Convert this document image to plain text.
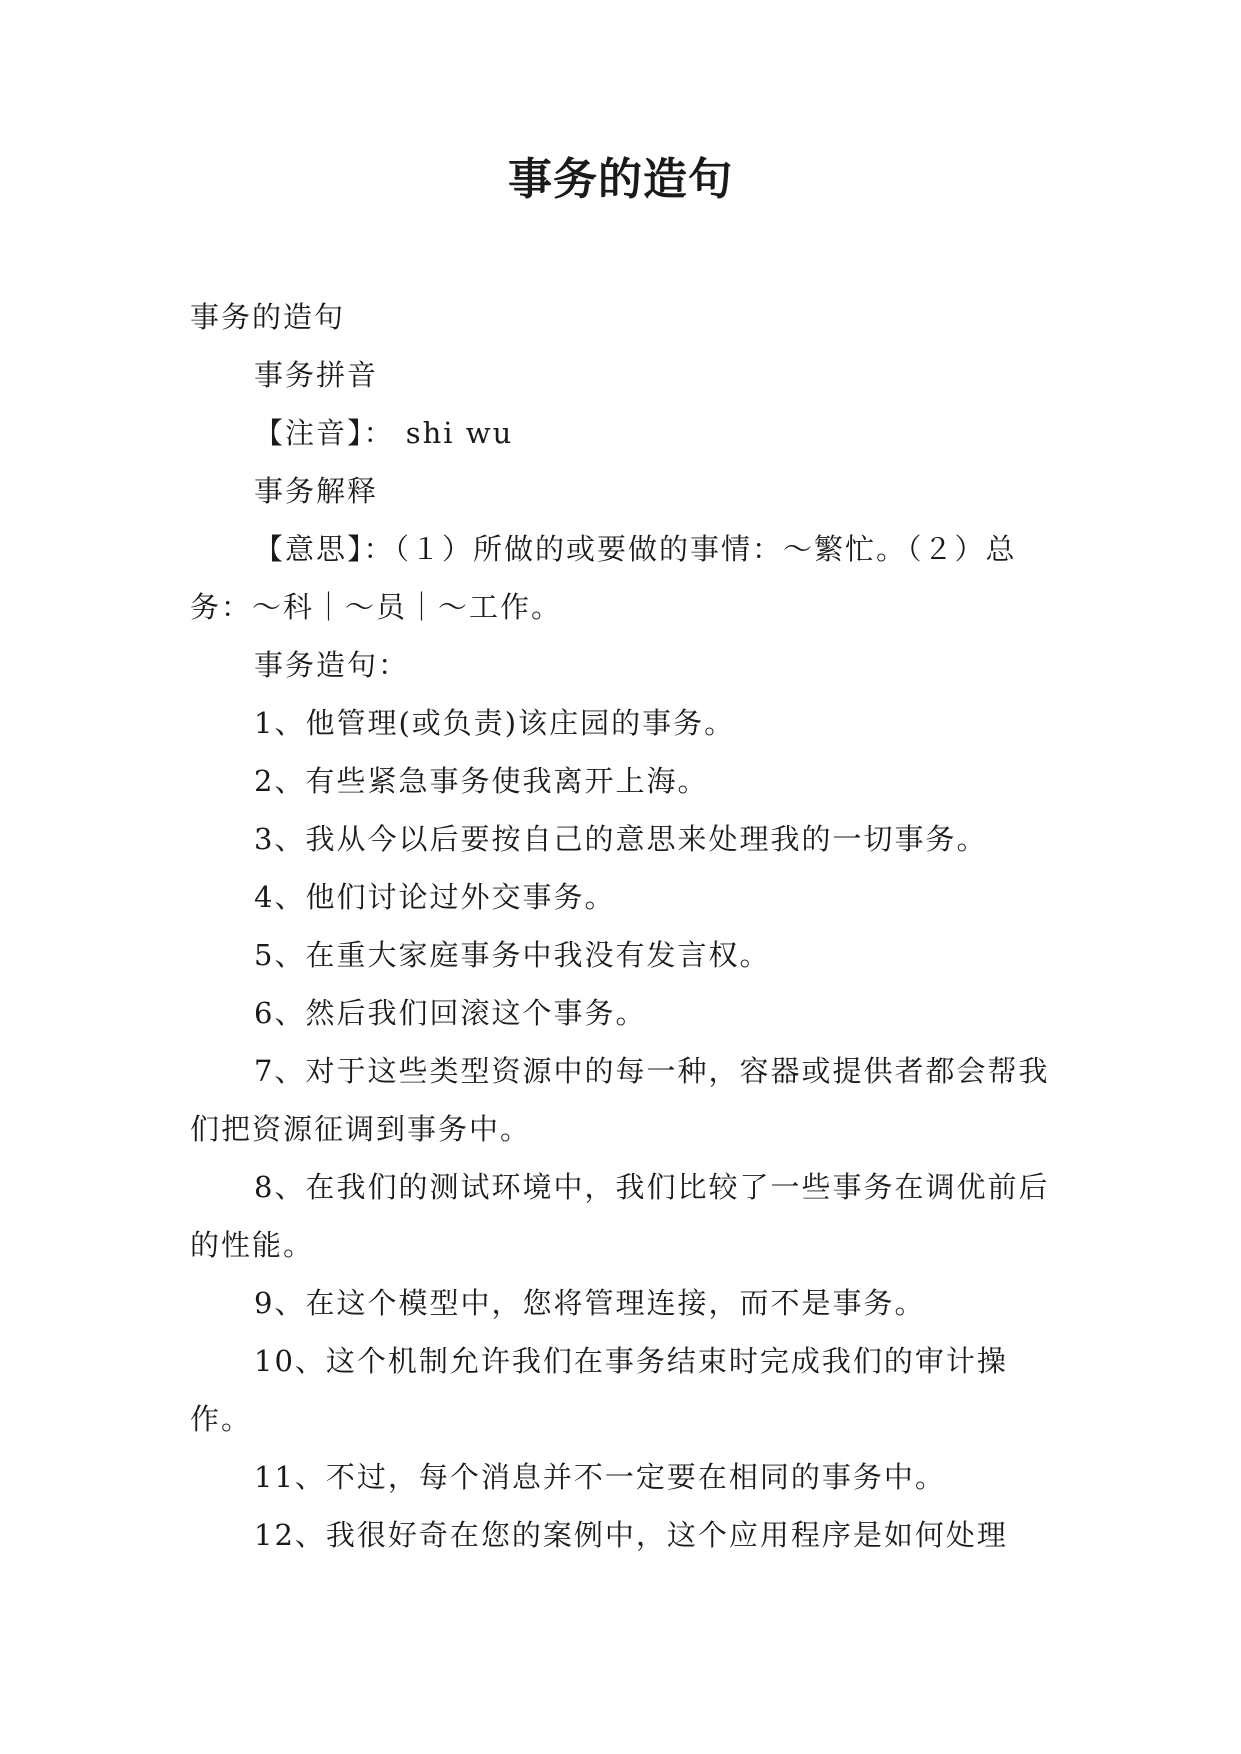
事务的造句

事务的造句

事务拼音

【注音】： shi wu

事务解释

【意思】：（１）所做的或要做的事情：～繁忙。（２）总务：～科｜～员｜～工作。

事务造句：

1、他管理(或负责)该庄园的事务。

2、有些紧急事务使我离开上海。

3、我从今以后要按自己的意思来处理我的一切事务。

4、他们讨论过外交事务。

5、在重大家庭事务中我没有发言权。

6、然后我们回滚这个事务。

7、对于这些类型资源中的每一种，容器或提供者都会帮我们把资源征调到事务中。

8、在我们的测试环境中，我们比较了一些事务在调优前后的性能。

9、在这个模型中，您将管理连接，而不是事务。

10、这个机制允许我们在事务结束时完成我们的审计操作。

11、不过，每个消息并不一定要在相同的事务中。

12、我很好奇在您的案例中，这个应用程序是如何处理
